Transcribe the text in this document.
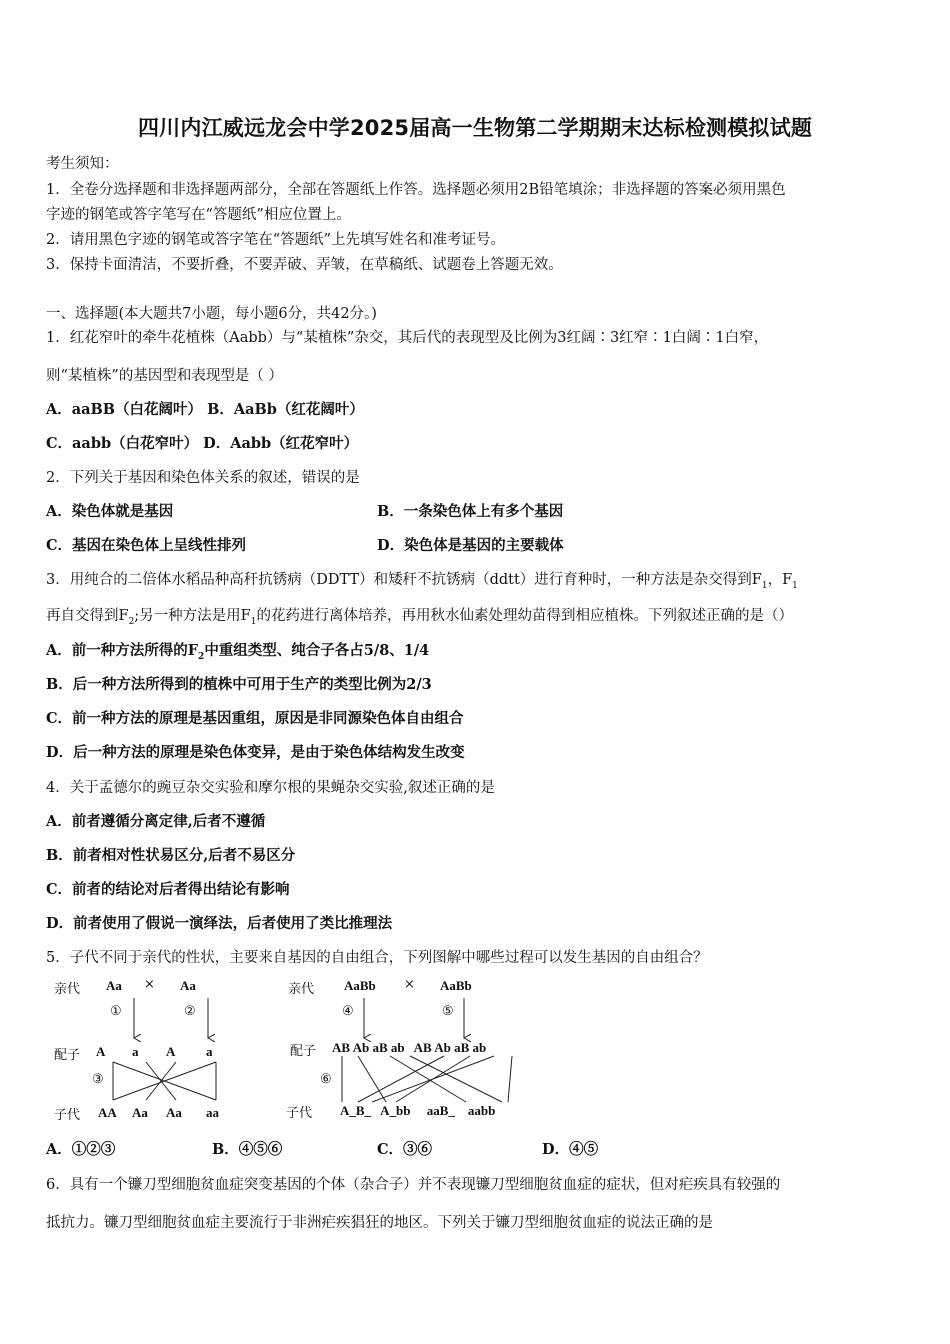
四川内江威远龙会中学2025届高一生物第二学期期末达标检测模拟试题
考生须知：
1．全卷分选择题和非选择题两部分，全部在答题纸上作答。选择题必须用2B铅笔填涂；非选择题的答案必须用黑色
字迹的钢笔或答字笔写在“答题纸”相应位置上。
2．请用黑色字迹的钢笔或答字笔在“答题纸”上先填写姓名和准考证号。
3．保持卡面清洁，不要折叠，不要弄破、弄皱，在草稿纸、试题卷上答题无效。
一、选择题(本大题共7小题，每小题6分，共42分。)
1．红花窄叶的牵牛花植株（Aabb）与“某植株”杂交，其后代的表现型及比例为3红阔∶3红窄∶1白阔∶1白窄，
则“某植株”的基因型和表现型是（ ）
A．aaBB（白花阔叶） B．AaBb（红花阔叶）
C．aabb（白花窄叶） D．Aabb（红花窄叶）
2．下列关于基因和染色体关系的叙述，错误的是
A．染色体就是基因	B．一条染色体上有多个基因
C．基因在染色体上呈线性排列	D．染色体是基因的主要载体
3．用纯合的二倍体水稻品种高秆抗锈病（DDTT）和矮秆不抗锈病（ddtt）进行育种时，一种方法是杂交得到$F_1$，$F_1$
再自交得到$F_2$;另一种方法是用$F_1$的花药进行离体培养，再用秋水仙素处理幼苗得到相应植株。下列叙述正确的是（）
A．前一种方法所得的$F_2$中重组类型、纯合子各占5/8、1/4
B．后一种方法所得到的植株中可用于生产的类型比例为2/3
C．前一种方法的原理是基因重组，原因是非同源染色体自由组合
D．后一种方法的原理是染色体变异，是由于染色体结构发生改变
4．关于孟德尔的豌豆杂交实验和摩尔根的果蝇杂交实验,叙述正确的是
A．前者遵循分离定律,后者不遵循
B．前者相对性状易区分,后者不易区分
C．前者的结论对后者得出结论有影响
D．前者使用了假说一演绎法，后者使用了类比推理法
5．子代不同于亲代的性状，主要来自基因的自由组合，下列图解中哪些过程可以发生基因的自由组合？
亲代 Aa × Aa
①	②
配子 A a A a
③
子代 AA Aa Aa aa
亲代 AaBb × AaBb
④	⑤
配子 AB Ab aB ab   AB Ab aB ab
⑥
子代 A_B_   A_bb     aaB_    aabb
A．①②③	B．④⑤⑥	C．③⑥	D．④⑤
6．具有一个镰刀型细胞贫血症突变基因的个体（杂合子）并不表现镰刀型细胞贫血症的症状，但对疟疾具有较强的
抵抗力。镰刀型细胞贫血症主要流行于非洲疟疾猖狂的地区。下列关于镰刀型细胞贫血症的说法正确的是
